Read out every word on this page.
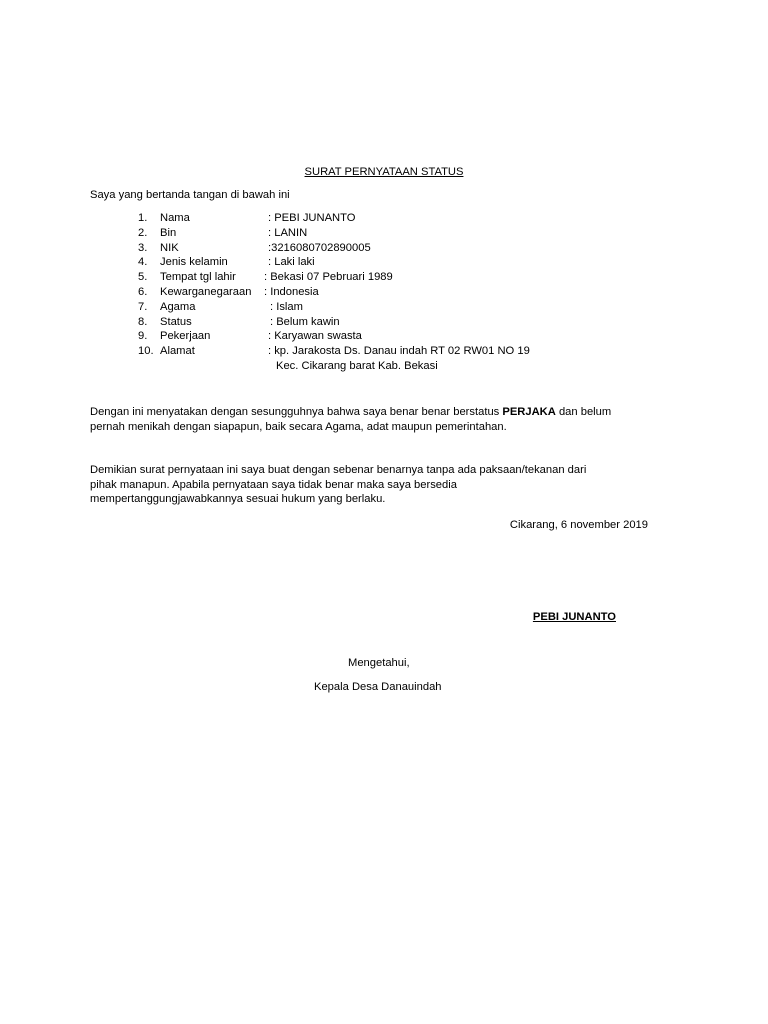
SURAT PERNYATAAN STATUS
Saya yang bertanda tangan di bawah ini
1. Nama	: PEBI JUNANTO
2. Bin	: LANIN
3. NIK	:3216080702890005
4. Jenis kelamin	: Laki laki
5. Tempat tgl lahir	: Bekasi 07 Pebruari 1989
6. Kewarganegaraan : Indonesia
7. Agama	: Islam
8. Status	: Belum kawin
9. Pekerjaan	: Karyawan swasta
10. Alamat	: kp. Jarakosta Ds. Danau indah RT 02 RW01 NO 19
Kec. Cikarang barat Kab. Bekasi
Dengan ini menyatakan dengan sesungguhnya bahwa saya benar benar berstatus PERJAKA dan belum
pernah menikah dengan siapapun, baik secara Agama, adat maupun pemerintahan.
Demikian surat pernyataan ini saya buat dengan sebenar benarnya tanpa ada paksaan/tekanan dari
pihak manapun. Apabila pernyataan saya tidak benar maka saya bersedia
mempertanggungjawabkannya sesuai hukum yang berlaku.
Cikarang, 6 november 2019
PEBI JUNANTO
Mengetahui,
Kepala Desa Danauindah
